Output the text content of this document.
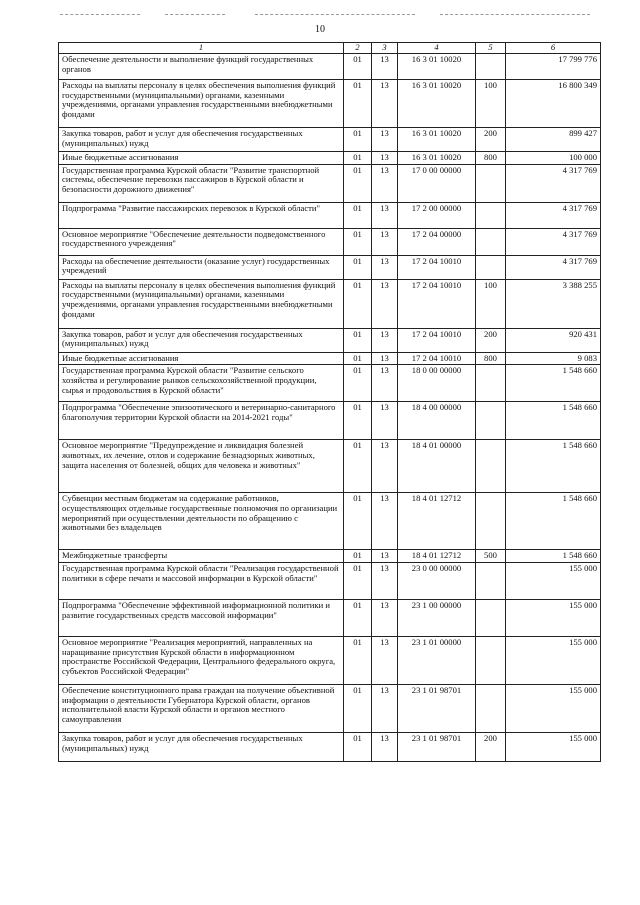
10
1	2	3	4	5	6
Обеспечение деятельности и выполнение функций государственных органов	01	13	16 3 01 10020		17 799 776
Расходы на выплаты персоналу в целях обеспечения выполнения функций государственными (муниципальными) органами, казенными учреждениями, органами управления государственными внебюджетными фондами	01	13	16 3 01 10020	100	16 800 349
Закупка товаров, работ и услуг для обеспечения государственных (муниципальных) нужд	01	13	16 3 01 10020	200	899 427
Иные бюджетные ассигнования	01	13	16 3 01 10020	800	100 000
Государственная программа Курской области "Развитие транспортной системы, обеспечение перевозки пассажиров в Курской области и безопасности дорожного движения"	01	13	17 0 00 00000		4 317 769
Подпрограмма "Развитие пассажирских перевозок в Курской области"	01	13	17 2 00 00000		4 317 769
Основное мероприятие "Обеспечение деятельности подведомственного государственного учреждения"	01	13	17 2 04 00000		4 317 769
Расходы на обеспечение деятельности (оказание услуг) государственных учреждений	01	13	17 2 04 10010		4 317 769
Расходы на выплаты персоналу в целях обеспечения выполнения функций государственными (муниципальными) органами, казенными учреждениями, органами управления государственными внебюджетными фондами	01	13	17 2 04 10010	100	3 388 255
Закупка товаров, работ и услуг для обеспечения государственных (муниципальных) нужд	01	13	17 2 04 10010	200	920 431
Иные бюджетные ассигнования	01	13	17 2 04 10010	800	9 083
Государственная программа Курской области "Развитие сельского хозяйства и регулирование рынков сельскохозяйственной продукции, сырья и продовольствия в Курской области"	01	13	18 0 00 00000		1 548 660
Подпрограмма "Обеспечение эпизоотического и ветеринарно-санитарного благополучия территории Курской области на 2014-2021 годы"	01	13	18 4 00 00000		1 548 660
Основное мероприятие "Предупреждение и ликвидация болезней животных, их лечение, отлов и содержание безнадзорных животных, защита населения от болезней, общих для человека и животных"	01	13	18 4 01 00000		1 548 660
Субвенции местным бюджетам на содержание работников, осуществляющих отдельные государственные полномочия по организации мероприятий при осуществлении деятельности по обращению с животными без владельцев	01	13	18 4 01 12712		1 548 660
Межбюджетные трансферты	01	13	18 4 01 12712	500	1 548 660
Государственная программа Курской области "Реализация государственной политики в сфере печати и массовой информации в Курской области"	01	13	23 0 00 00000		155 000
Подпрограмма "Обеспечение эффективной информационной политики и развитие государственных средств массовой информации"	01	13	23 1 00 00000		155 000
Основное мероприятие "Реализация мероприятий, направленных на наращивание присутствия Курской области в информационном пространстве Российской Федерации, Центрального федерального округа, субъектов Российской Федерации"	01	13	23 1 01 00000		155 000
Обеспечение конституционного права граждан на получение объективной информации о деятельности Губернатора Курской области, органов исполнительной власти Курской области и органов местного самоуправления	01	13	23 1 01 98701		155 000
Закупка товаров, работ и услуг для обеспечения государственных (муниципальных) нужд	01	13	23 1 01 98701	200	155 000
